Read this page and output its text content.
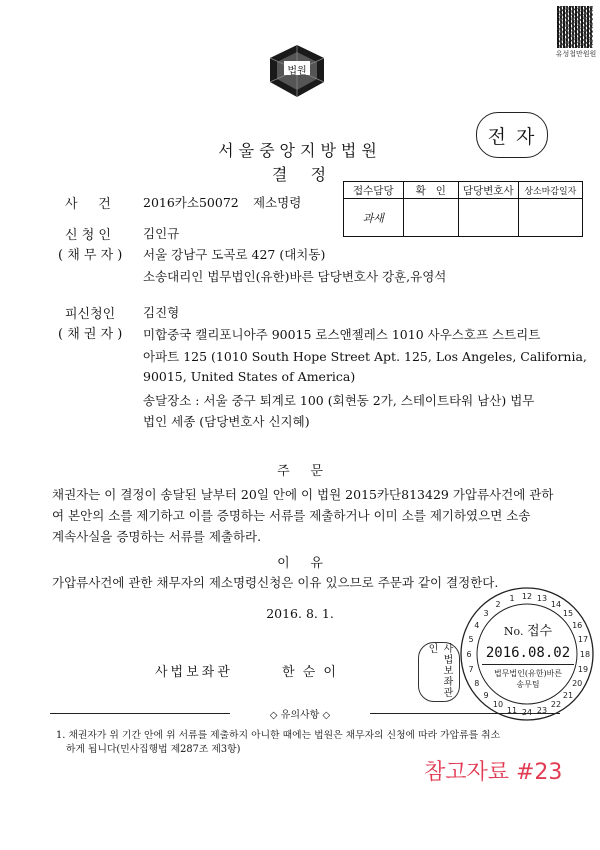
유성첩만원원
법원
전 자
서울중앙지방법원
결   정
접수담당	확   인	담당변호사	상소마감일자
과새			
사     건	2016카소50072 제소명령
신 청 인
( 채 무 자 )
김인규
서울 강남구 도곡로 427 (대치동)
소송대리인 법무법인(유한)바른 담당변호사 강훈,유영석
피신청인
( 채 권 자 )
김진형
미합중국 캘리포니아주 90015 로스앤젤레스 1010 사우스호프 스트리트
아파트 125 (1010 South Hope Street Apt. 125, Los Angeles, California,
90015, United States of America)
송달장소 : 서울 중구 퇴계로 100 (회현동 2가, 스테이트타워 남산) 법무
법인 세종 (담당변호사 신지혜)
주     문
채권자는 이 결정이 송달된 날부터 20일 안에 이 법원 2015카단813429 가압류사건에 관하
여 본안의 소를 제기하고 이를 증명하는 서류를 제출하거나 이미 소를 제기하였으면 소송
계속사실을 증명하는 서류를 제출하라.
이     유
가압류사건에 관한 채무자의 제소명령신청은 이유 있으므로 주문과 같이 결정한다.
2016. 8. 1.
사법보좌관	한 순 이	사법보좌관인
12 13
14
15
16
17
18
19
20
21
22
23
24
11
10
9
8
7
6
5
4
3
2
1
No. 접수
2016.08.02
법무법인(유한)바른
송무팀
◇ 유의사항 ◇
1. 채권자가 위 기간 안에 위 서류를 제출하지 아니한 때에는 법원은 채무자의 신청에 따라 가압류를 취소
하게 됩니다(민사집행법 제287조 제3항)
참고자료 #23
